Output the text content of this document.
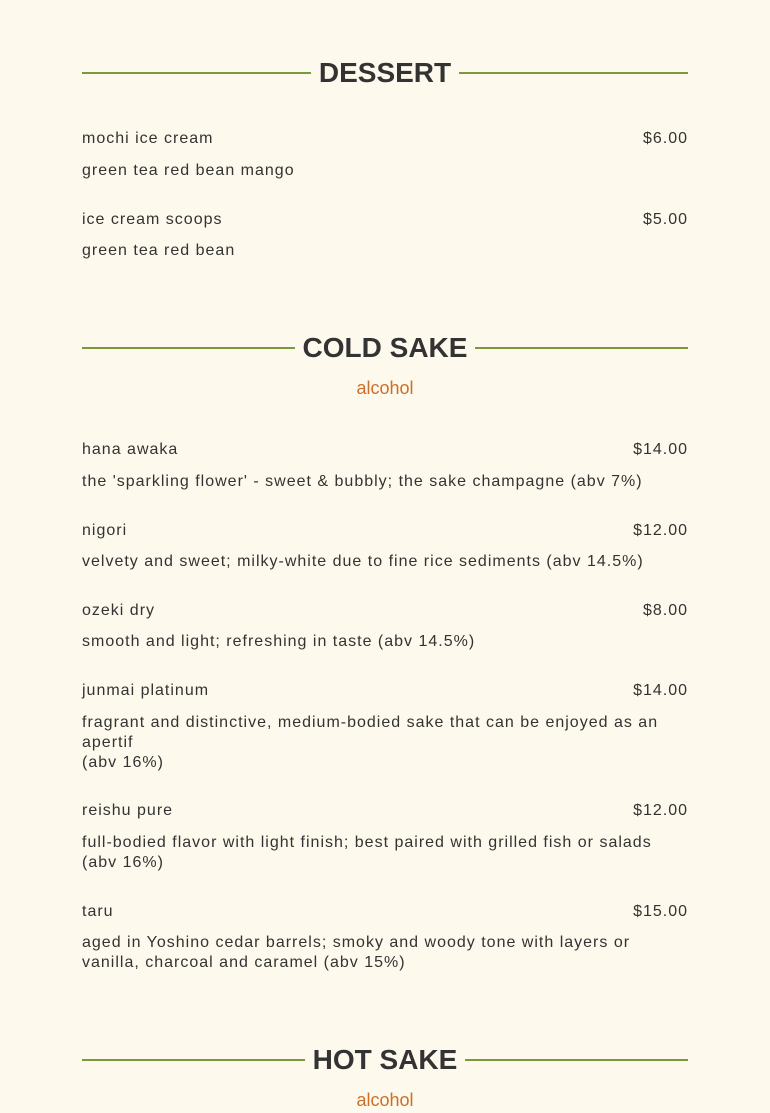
DESSERT
mochi ice cream	$6.00
green tea red bean mango
ice cream scoops	$5.00
green tea red bean
COLD SAKE
alcohol
hana awaka	$14.00
the 'sparkling flower' - sweet & bubbly; the sake champagne (abv 7%)
nigori	$12.00
velvety and sweet; milky-white due to fine rice sediments (abv 14.5%)
ozeki dry	$8.00
smooth and light; refreshing in taste (abv 14.5%)
junmai platinum	$14.00
fragrant and distinctive, medium-bodied sake that can be enjoyed as an apertif
(abv 16%)
reishu pure	$12.00
full-bodied flavor with light finish; best paired with grilled fish or salads (abv 16%)
taru	$15.00
aged in Yoshino cedar barrels; smoky and woody tone with layers or vanilla, charcoal and caramel (abv 15%)
HOT SAKE
alcohol
